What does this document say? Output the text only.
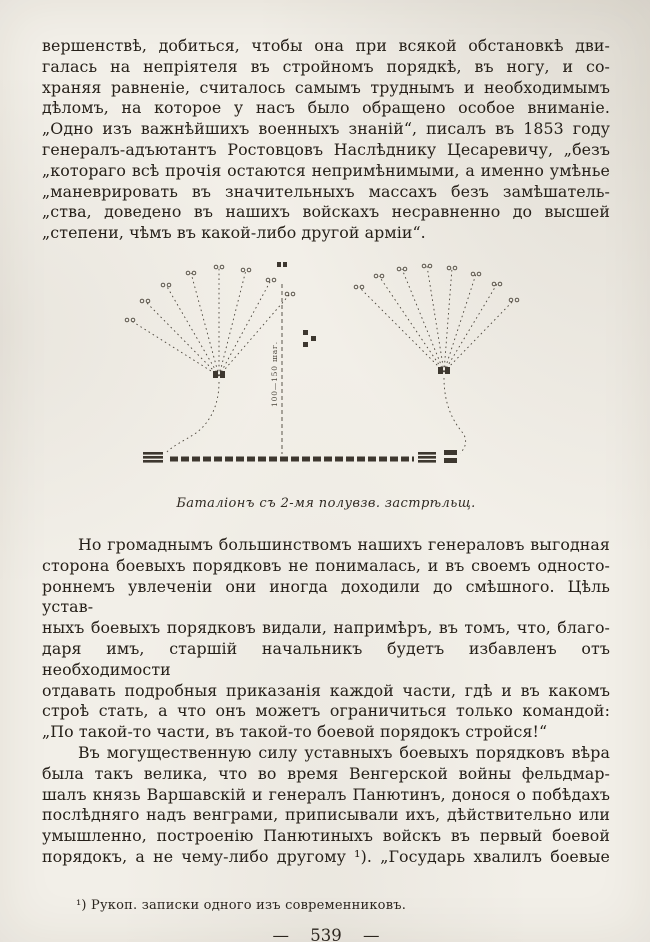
вершенствѣ, добиться, чтобы она при всякой обстановкѣ дви-
галась на непріятеля въ стройномъ порядкѣ, въ ногу, и со-
храняя равненіе, считалось самымъ труднымъ и необходимымъ
дѣломъ, на которое у насъ было обращено особое вниманіе.
„Одно изъ важнѣйшихъ военныхъ знаній“, писалъ въ 1853 году
генералъ-адъютантъ Ростовцовъ Наслѣднику Цесаревичу, „безъ
„котораго всѣ прочія остаются непримѣнимыми, а именно умѣнье
„маневрировать въ значительныхъ массахъ безъ замѣшатель-
„ства, доведено въ нашихъ войскахъ несравненно до высшей
„степени, чѣмъ въ какой-либо другой арміи“.
100—150 шаг.
Баталіонъ съ 2-мя полувзв. застрѣльщ.
Но громаднымъ большинствомъ нашихъ генераловъ выгодная
сторона боевыхъ порядковъ не понималась, и въ своемъ односто-
роннемъ увлеченіи они иногда доходили до смѣшного. Цѣль устав-
ныхъ боевыхъ порядковъ видали, напримѣръ, въ томъ, что, благо-
даря имъ, старшій начальникъ будетъ избавленъ отъ необходимости
отдавать подробныя приказанія каждой части, гдѣ и въ какомъ
строѣ стать, а что онъ можетъ ограничиться только командой:
„По такой-то части, въ такой-то боевой порядокъ стройся!“
Въ могущественную силу уставныхъ боевыхъ порядковъ вѣра
была такъ велика, что во время Венгерской войны фельдмар-
шалъ князь Варшавскій и генералъ Панютинъ, донося о побѣдахъ
послѣдняго надъ венграми, приписывали ихъ, дѣйствительно или
умышленно, построенію Панютиныхъ войскъ въ первый боевой
порядокъ, а не чему-либо другому ¹). „Государь хвалилъ боевые
¹) Рукоп. записки одного изъ современниковъ.
— 539 —
